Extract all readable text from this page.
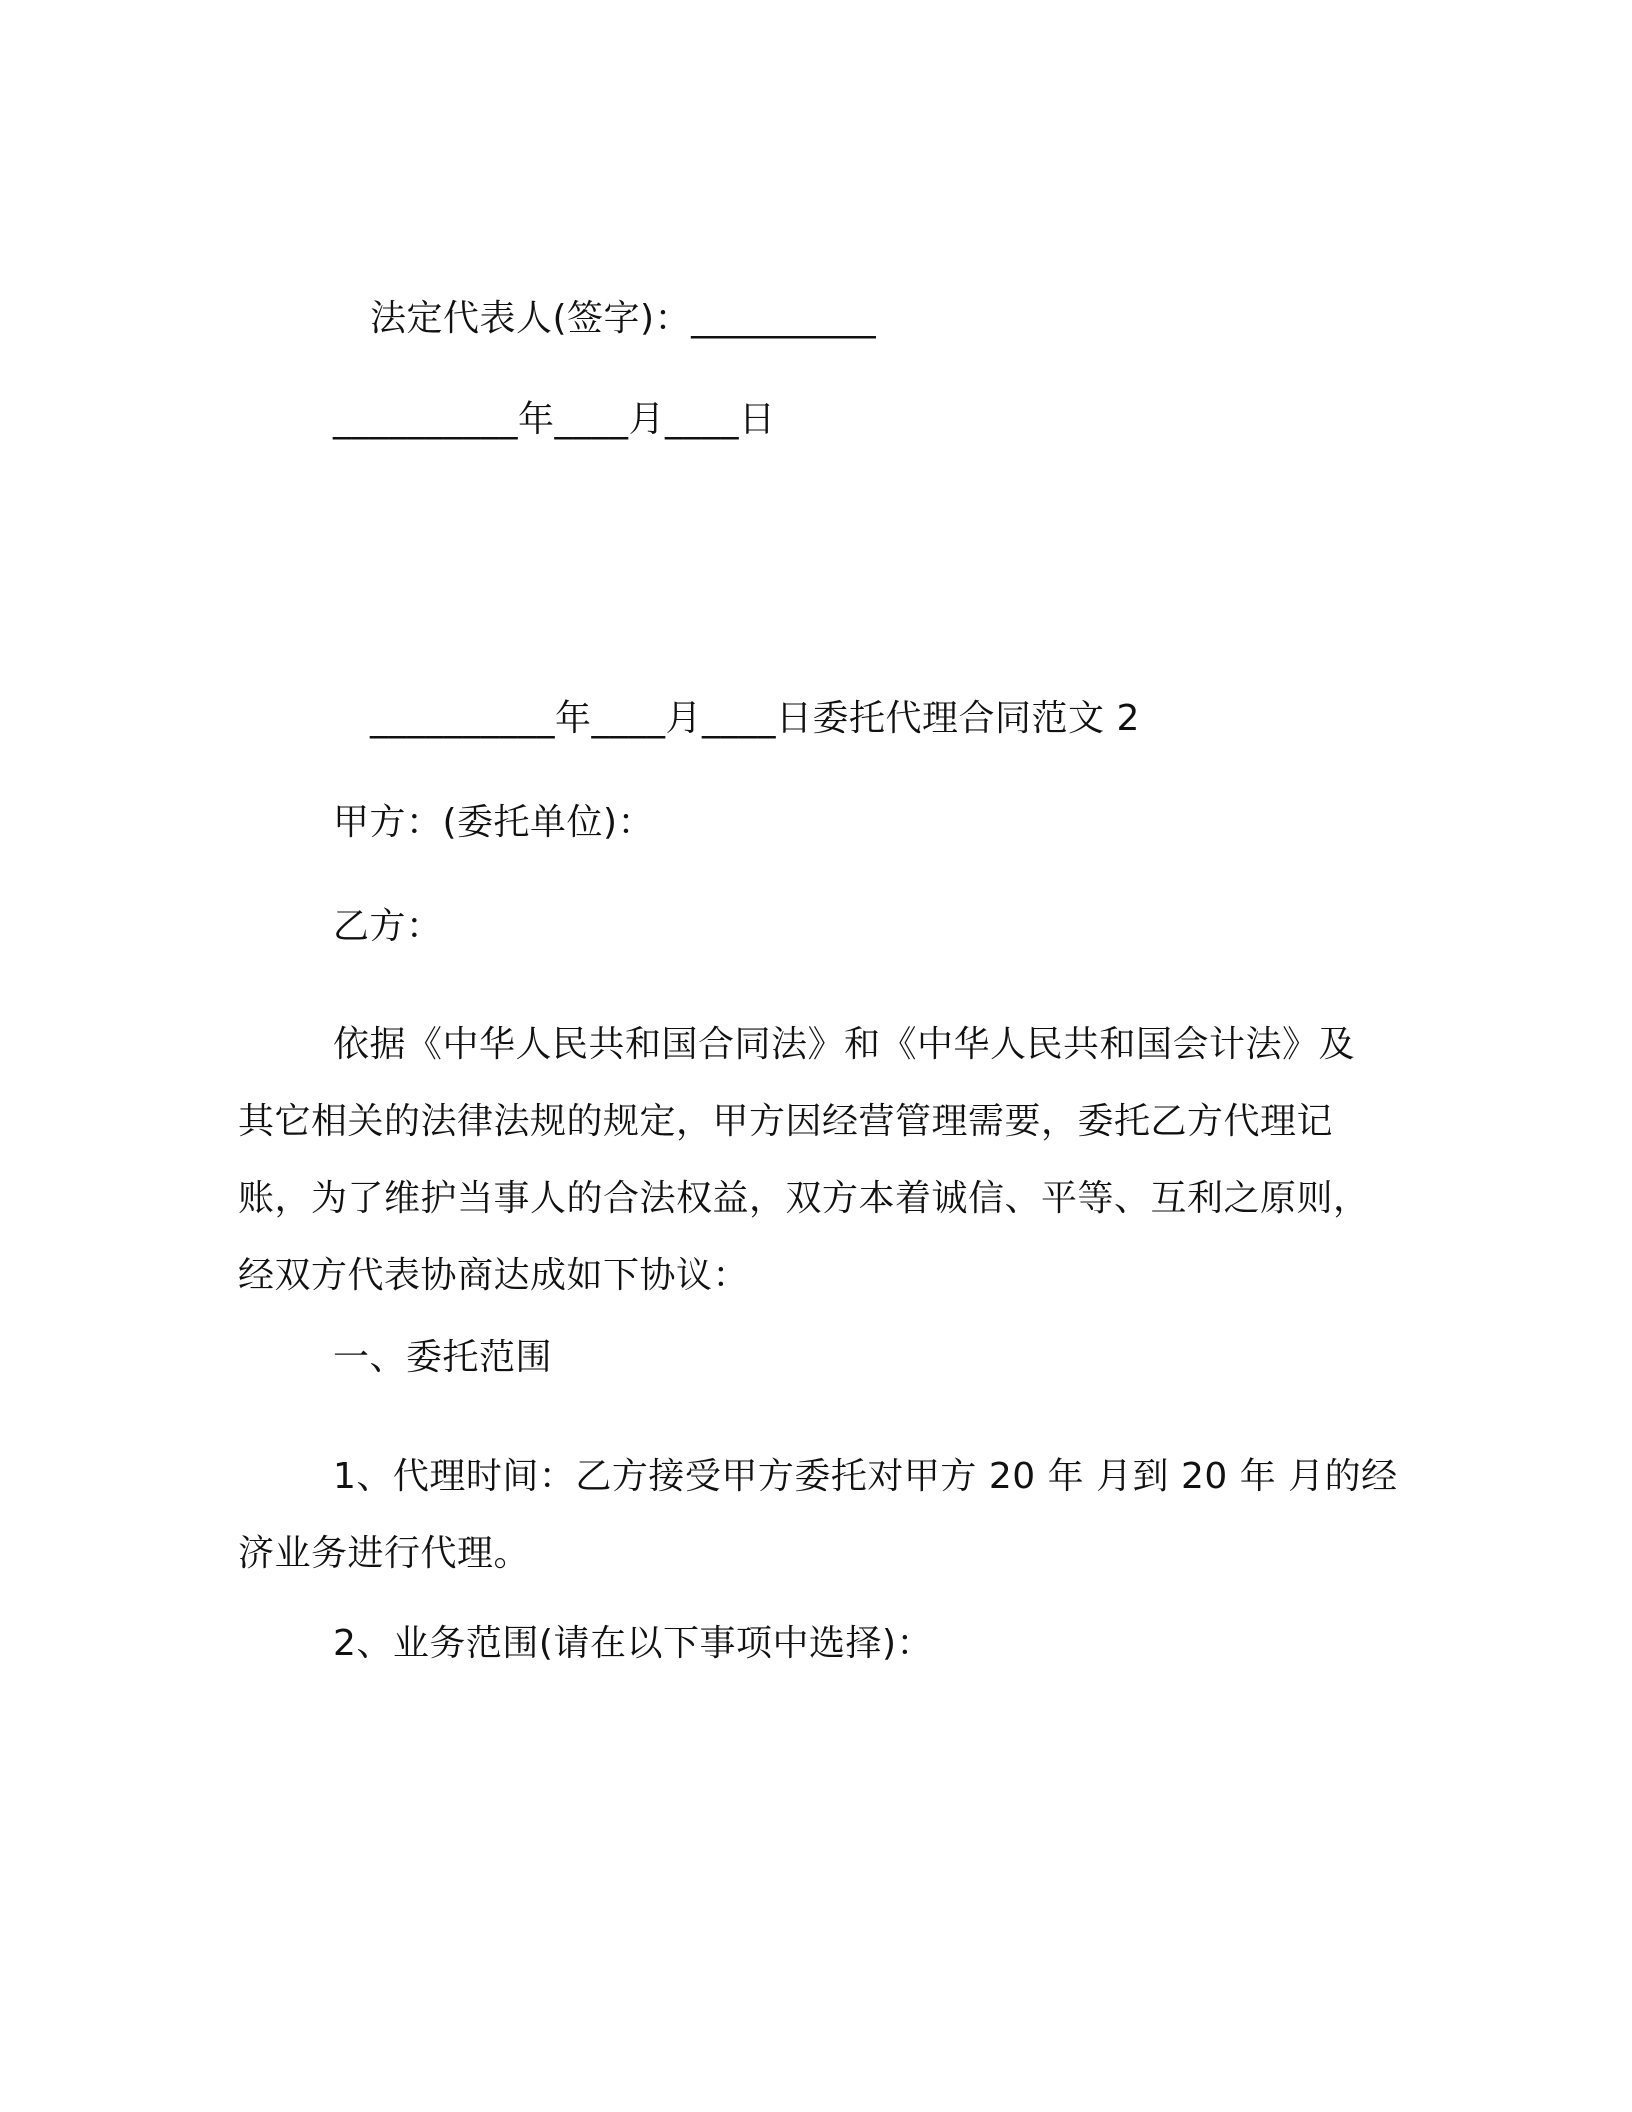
法定代表人(签字)：__________
__________年____月____日
__________年____月____日委托代理合同范文 2
甲方：(委托单位)：
乙方：
依据《中华人民共和国合同法》和《中华人民共和国会计法》及
其它相关的法律法规的规定，甲方因经营管理需要，委托乙方代理记
账，为了维护当事人的合法权益，双方本着诚信、平等、互利之原则，
经双方代表协商达成如下协议：
一、委托范围
1、代理时间：乙方接受甲方委托对甲方 20 年 月到 20 年 月的经
济业务进行代理。
2、业务范围(请在以下事项中选择)：
